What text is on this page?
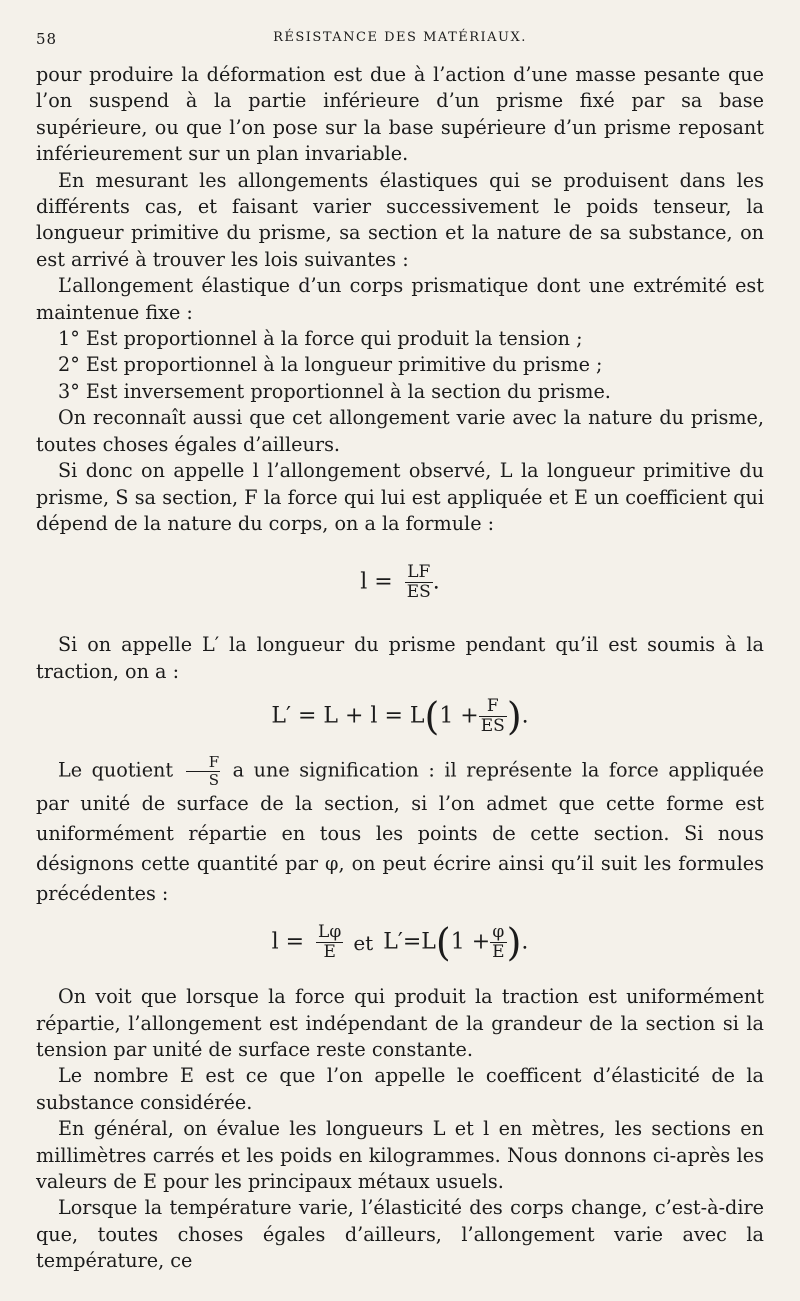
58	RÉSISTANCE DES MATÉRIAUX.

pour produire la déformation est due à l’action d’une masse pesante que l’on suspend à la partie inférieure d’un prisme fixé par sa base supérieure, ou que l’on pose sur la base supérieure d’un prisme reposant inférieurement sur un plan invariable.

En mesurant les allongements élastiques qui se produisent dans les différents cas, et faisant varier successivement le poids tenseur, la longueur primitive du prisme, sa section et la nature de sa substance, on est arrivé à trouver les lois suivantes :

L’allongement élastique d’un corps prismatique dont une extrémité est maintenue fixe :

1° Est proportionnel à la force qui produit la tension ;

2° Est proportionnel à la longueur primitive du prisme ;

3° Est inversement proportionnel à la section du prisme.

On reconnaît aussi que cet allongement varie avec la nature du prisme, toutes choses égales d’ailleurs.

Si donc on appelle l l’allongement observé, L la longueur primitive du prisme, S sa section, F la force qui lui est appliquée et E un coefficient qui dépend de la nature du corps, on a la formule :

$l = \frac{LF}{ES}$ .

Si on appelle L′ la longueur du prisme pendant qu’il est soumis à la traction, on a :

$L' = L + l = L(1 + \frac{F}{ES}$ ).

Le quotient $\frac{F}{S}$ a une signification : il représente la force appliquée par unité de surface de la section, si l’on admet que cette forme est uniformément répartie en tous les points de cette section. Si nous désignons cette quantité par φ, on peut écrire ainsi qu’il suit les formules précédentes :

$l = \frac{L\varphi}{E}$ et $L'=L(1 + \frac{\varphi}{E}$ ).

On voit que lorsque la force qui produit la traction est uniformément répartie, l’allongement est indépendant de la grandeur de la section si la tension par unité de surface reste constante.

Le nombre E est ce que l’on appelle le coefficent d’élasticité de la substance considérée.

En général, on évalue les longueurs L et l en mètres, les sections en millimètres carrés et les poids en kilogrammes. Nous donnons ci-après les valeurs de E pour les principaux métaux usuels.

Lorsque la température varie, l’élasticité des corps change, c’est-à-dire que, toutes choses égales d’ailleurs, l’allongement varie avec la température, ce
